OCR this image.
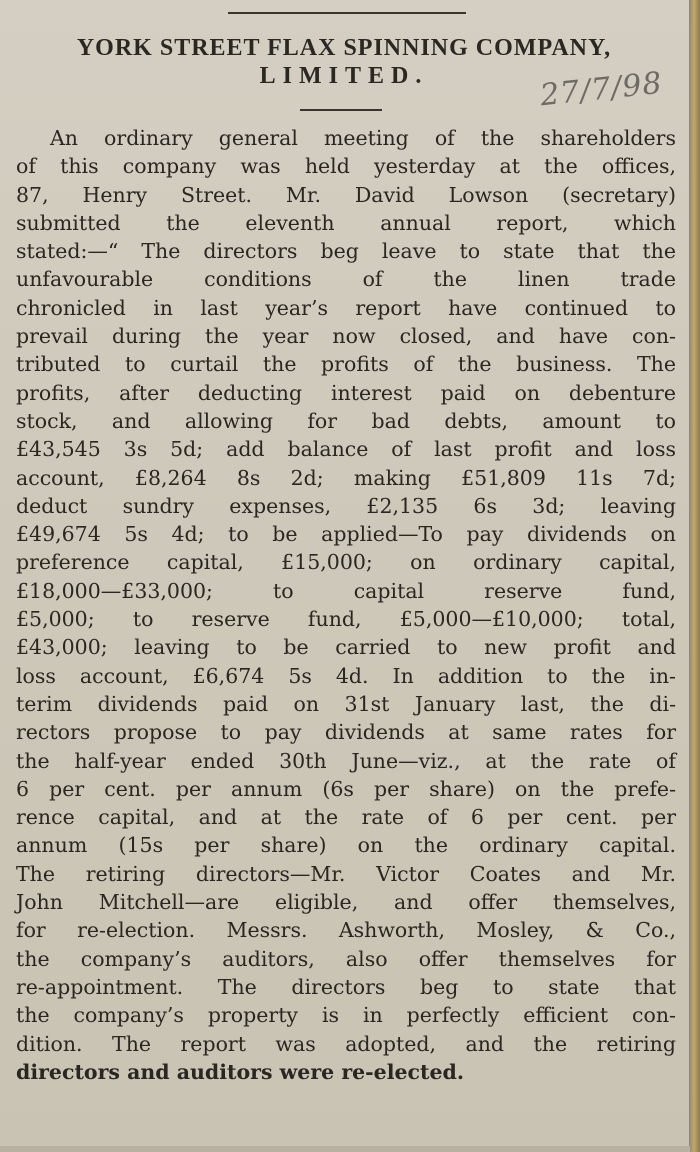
YORK STREET FLAX SPINNING COMPANY,
LIMITED.	27/7/98
An ordinary general meeting of the shareholders
of this company was held yesterday at the offices,
87, Henry Street. Mr. David Lowson (secretary)
submitted the eleventh annual report, which
stated:—“ The directors beg leave to state that the
unfavourable conditions of the linen trade
chronicled in last year’s report have continued to
prevail during the year now closed, and have con-
tributed to curtail the profits of the business. The
profits, after deducting interest paid on debenture
stock, and allowing for bad debts, amount to
£43,545 3s 5d; add balance of last profit and loss
account, £8,264 8s 2d; making £51,809 11s 7d;
deduct sundry expenses, £2,135 6s 3d; leaving
£49,674 5s 4d; to be applied—To pay dividends on
preference capital, £15,000; on ordinary capital,
£18,000—£33,000; to capital reserve fund,
£5,000; to reserve fund, £5,000—£10,000; total,
£43,000; leaving to be carried to new profit and
loss account, £6,674 5s 4d. In addition to the in-
terim dividends paid on 31st January last, the di-
rectors propose to pay dividends at same rates for
the half-year ended 30th June—viz., at the rate of
6 per cent. per annum (6s per share) on the prefe-
rence capital, and at the rate of 6 per cent. per
annum (15s per share) on the ordinary capital.
The retiring directors—Mr. Victor Coates and Mr.
John Mitchell—are eligible, and offer themselves,
for re-election. Messrs. Ashworth, Mosley, & Co.,
the company’s auditors, also offer themselves for
re-appointment. The directors beg to state that
the company’s property is in perfectly efficient con-
dition. The report was adopted, and the retiring
directors and auditors were re-elected.
